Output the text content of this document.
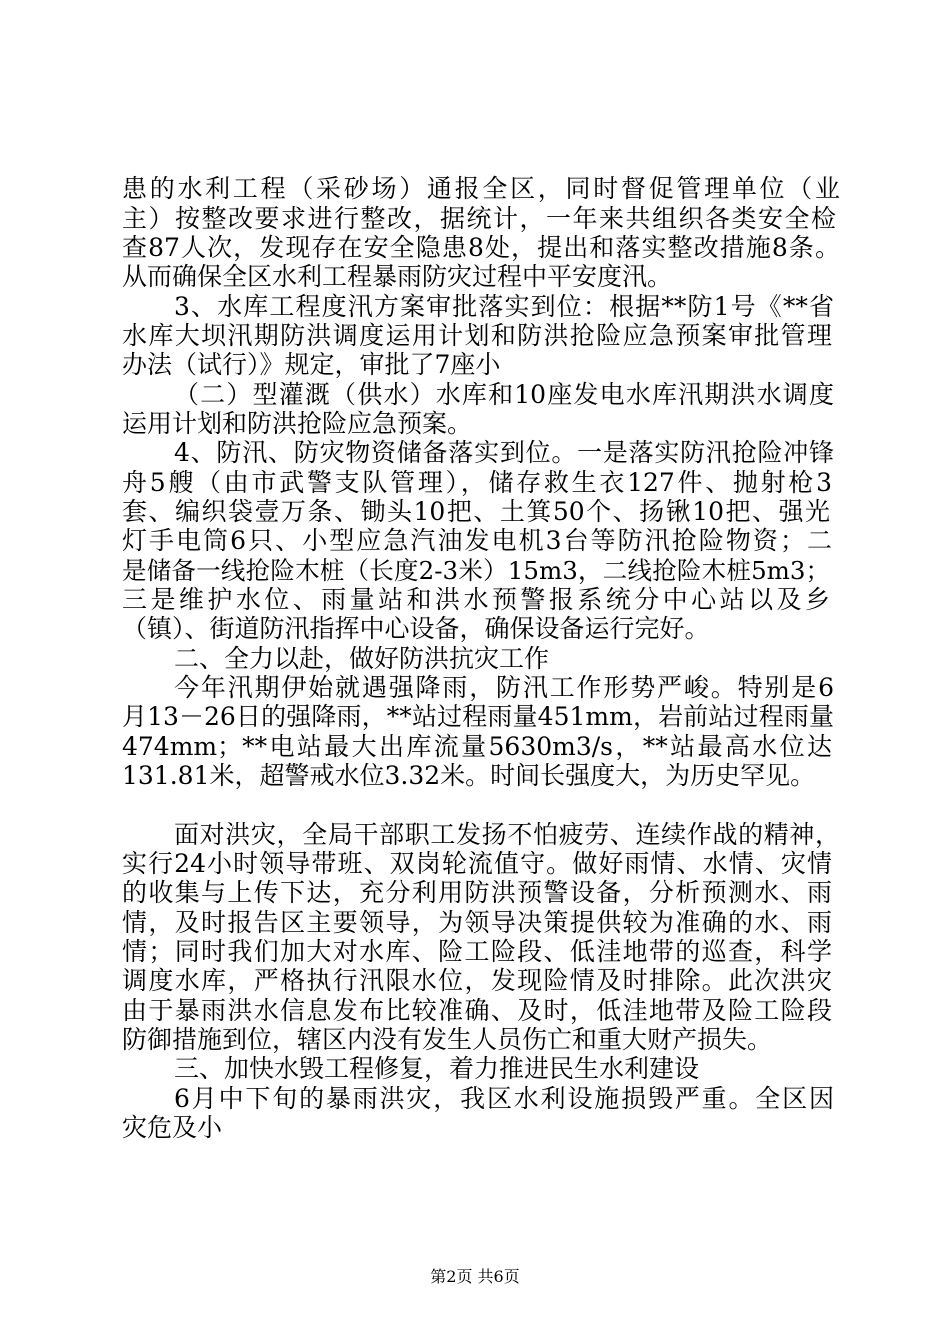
患的水利工程（采砂场）通报全区，同时督促管理单位（业

主）按整改要求进行整改，据统计，一年来共组织各类安全检

查87人次，发现存在安全隐患8处，提出和落实整改措施8条。

从而确保全区水利工程暴雨防灾过程中平安度汛。

3、水库工程度汛方案审批落实到位：根据**防1号《**省

水库大坝汛期防洪调度运用计划和防洪抢险应急预案审批管理

办法（试行）》规定，审批了7座小

（二）型灌溉（供水）水库和10座发电水库汛期洪水调度

运用计划和防洪抢险应急预案。

4、防汛、防灾物资储备落实到位。一是落实防汛抢险冲锋

舟5艘（由市武警支队管理），储存救生衣127件、抛射枪3

套、编织袋壹万条、锄头10把、土箕50个、扬锹10把、强光

灯手电筒6只、小型应急汽油发电机3台等防汛抢险物资；二

是储备一线抢险木桩（长度2-3米）15m3，二线抢险木桩5m3；

三是维护水位、雨量站和洪水预警报系统分中心站以及乡

（镇）、街道防汛指挥中心设备，确保设备运行完好。

二、全力以赴，做好防洪抗灾工作

今年汛期伊始就遇强降雨，防汛工作形势严峻。特别是6

月13－26日的强降雨，**站过程雨量451mm，岩前站过程雨量

474mm；**电站最大出库流量5630m3/s，**站最高水位达

131.81米，超警戒水位3.32米。时间长强度大，为历史罕见。

面对洪灾，全局干部职工发扬不怕疲劳、连续作战的精神，

实行24小时领导带班、双岗轮流值守。做好雨情、水情、灾情

的收集与上传下达，充分利用防洪预警设备，分析预测水、雨

情，及时报告区主要领导，为领导决策提供较为准确的水、雨

情；同时我们加大对水库、险工险段、低洼地带的巡查，科学

调度水库，严格执行汛限水位，发现险情及时排除。此次洪灾

由于暴雨洪水信息发布比较准确、及时，低洼地带及险工险段

防御措施到位，辖区内没有发生人员伤亡和重大财产损失。

三、加快水毁工程修复，着力推进民生水利建设

6月中下旬的暴雨洪灾，我区水利设施损毁严重。全区因

灾危及小

第2页 共6页
